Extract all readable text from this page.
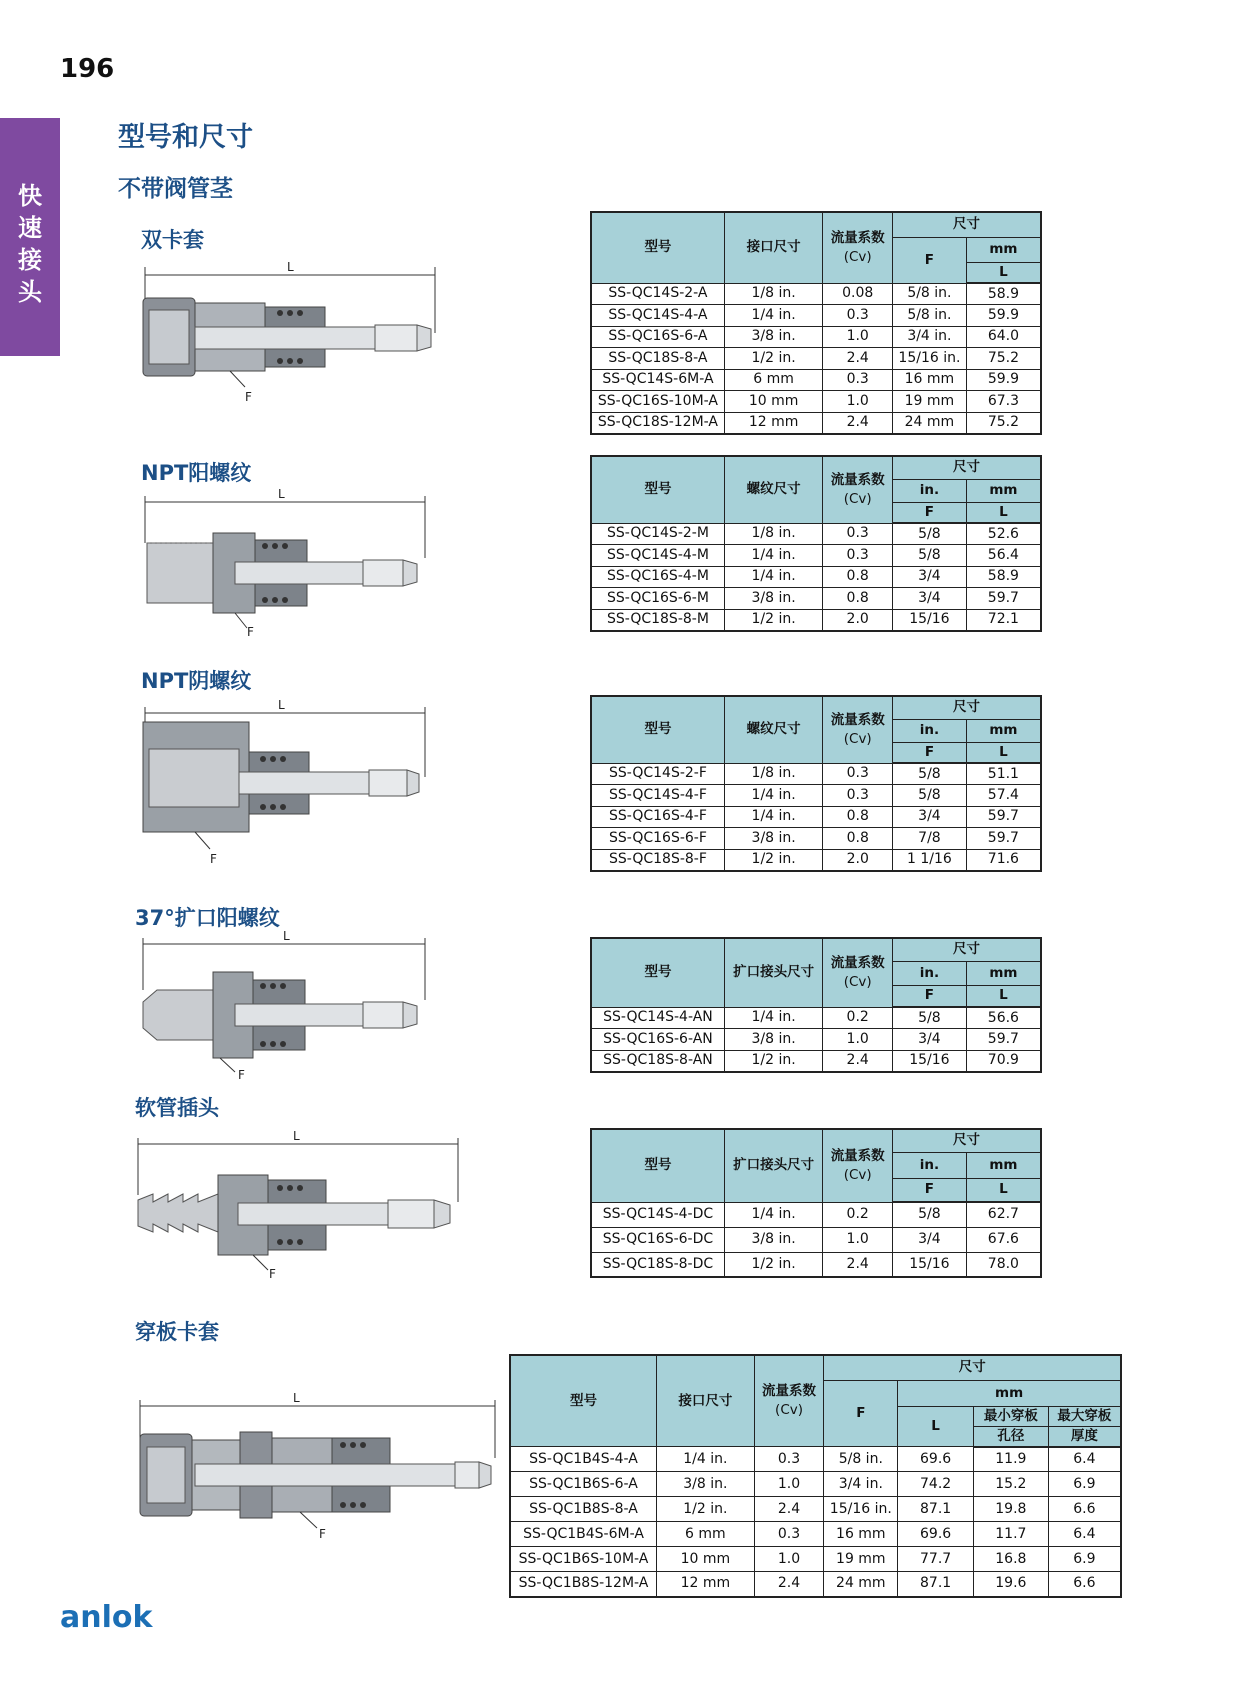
196
快
速
接
头
型号和尺寸
不带阀管茎
双卡套
NPT阳螺纹
NPT阴螺纹
37°扩口阳螺纹
软管插头
穿板卡套
型号	接口尺寸	流量系数
(Cv)	尺寸	
			F	mm
				L
SS-QC14S-2-A	1/8 in.	0.08	5/8 in.	58.9
SS-QC14S-4-A	1/4 in.	0.3	5/8 in.	59.9
SS-QC16S-6-A	3/8 in.	1.0	3/4 in.	64.0
SS-QC18S-8-A	1/2 in.	2.4	15/16 in.	75.2
SS-QC14S-6M-A	6 mm	0.3	16 mm	59.9
SS-QC16S-10M-A	10 mm	1.0	19 mm	67.3
SS-QC18S-12M-A	12 mm	2.4	24 mm	75.2
型号	螺纹尺寸	流量系数
(Cv)	尺寸	
			in.	mm
			F	L
SS-QC14S-2-M	1/8 in.	0.3	5/8	52.6
SS-QC14S-4-M	1/4 in.	0.3	5/8	56.4
SS-QC16S-4-M	1/4 in.	0.8	3/4	58.9
SS-QC16S-6-M	3/8 in.	0.8	3/4	59.7
SS-QC18S-8-M	1/2 in.	2.0	15/16	72.1
型号	螺纹尺寸	流量系数
(Cv)	尺寸	
			in.	mm
			F	L
SS-QC14S-2-F	1/8 in.	0.3	5/8	51.1
SS-QC14S-4-F	1/4 in.	0.3	5/8	57.4
SS-QC16S-4-F	1/4 in.	0.8	3/4	59.7
SS-QC16S-6-F	3/8 in.	0.8	7/8	59.7
SS-QC18S-8-F	1/2 in.	2.0	1 1/16	71.6
型号	扩口接头尺寸	流量系数
(Cv)	尺寸	
			in.	mm
			F	L
SS-QC14S-4-AN	1/4 in.	0.2	5/8	56.6
SS-QC16S-6-AN	3/8 in.	1.0	3/4	59.7
SS-QC18S-8-AN	1/2 in.	2.4	15/16	70.9
型号	扩口接头尺寸	流量系数
(Cv)	尺寸	
			in.	mm
			F	L
SS-QC14S-4-DC	1/4 in.	0.2	5/8	62.7
SS-QC16S-6-DC	3/8 in.	1.0	3/4	67.6
SS-QC18S-8-DC	1/2 in.	2.4	15/16	78.0
型号	接口尺寸	流量系数
(Cv)	尺寸			
			F	mm		
				L	最小穿板	最大穿板
					孔径	厚度
SS-QC1B4S-4-A	1/4 in.	0.3	5/8 in.	69.6	11.9	6.4
SS-QC1B6S-6-A	3/8 in.	1.0	3/4 in.	74.2	15.2	6.9
SS-QC1B8S-8-A	1/2 in.	2.4	15/16 in.	87.1	19.8	6.6
SS-QC1B4S-6M-A	6 mm	0.3	16 mm	69.6	11.7	6.4
SS-QC1B6S-10M-A	10 mm	1.0	19 mm	77.7	16.8	6.9
SS-QC1B8S-12M-A	12 mm	2.4	24 mm	87.1	19.6	6.6
L
F
L
F
L
F
L
F
L
F
L
F
anlok
